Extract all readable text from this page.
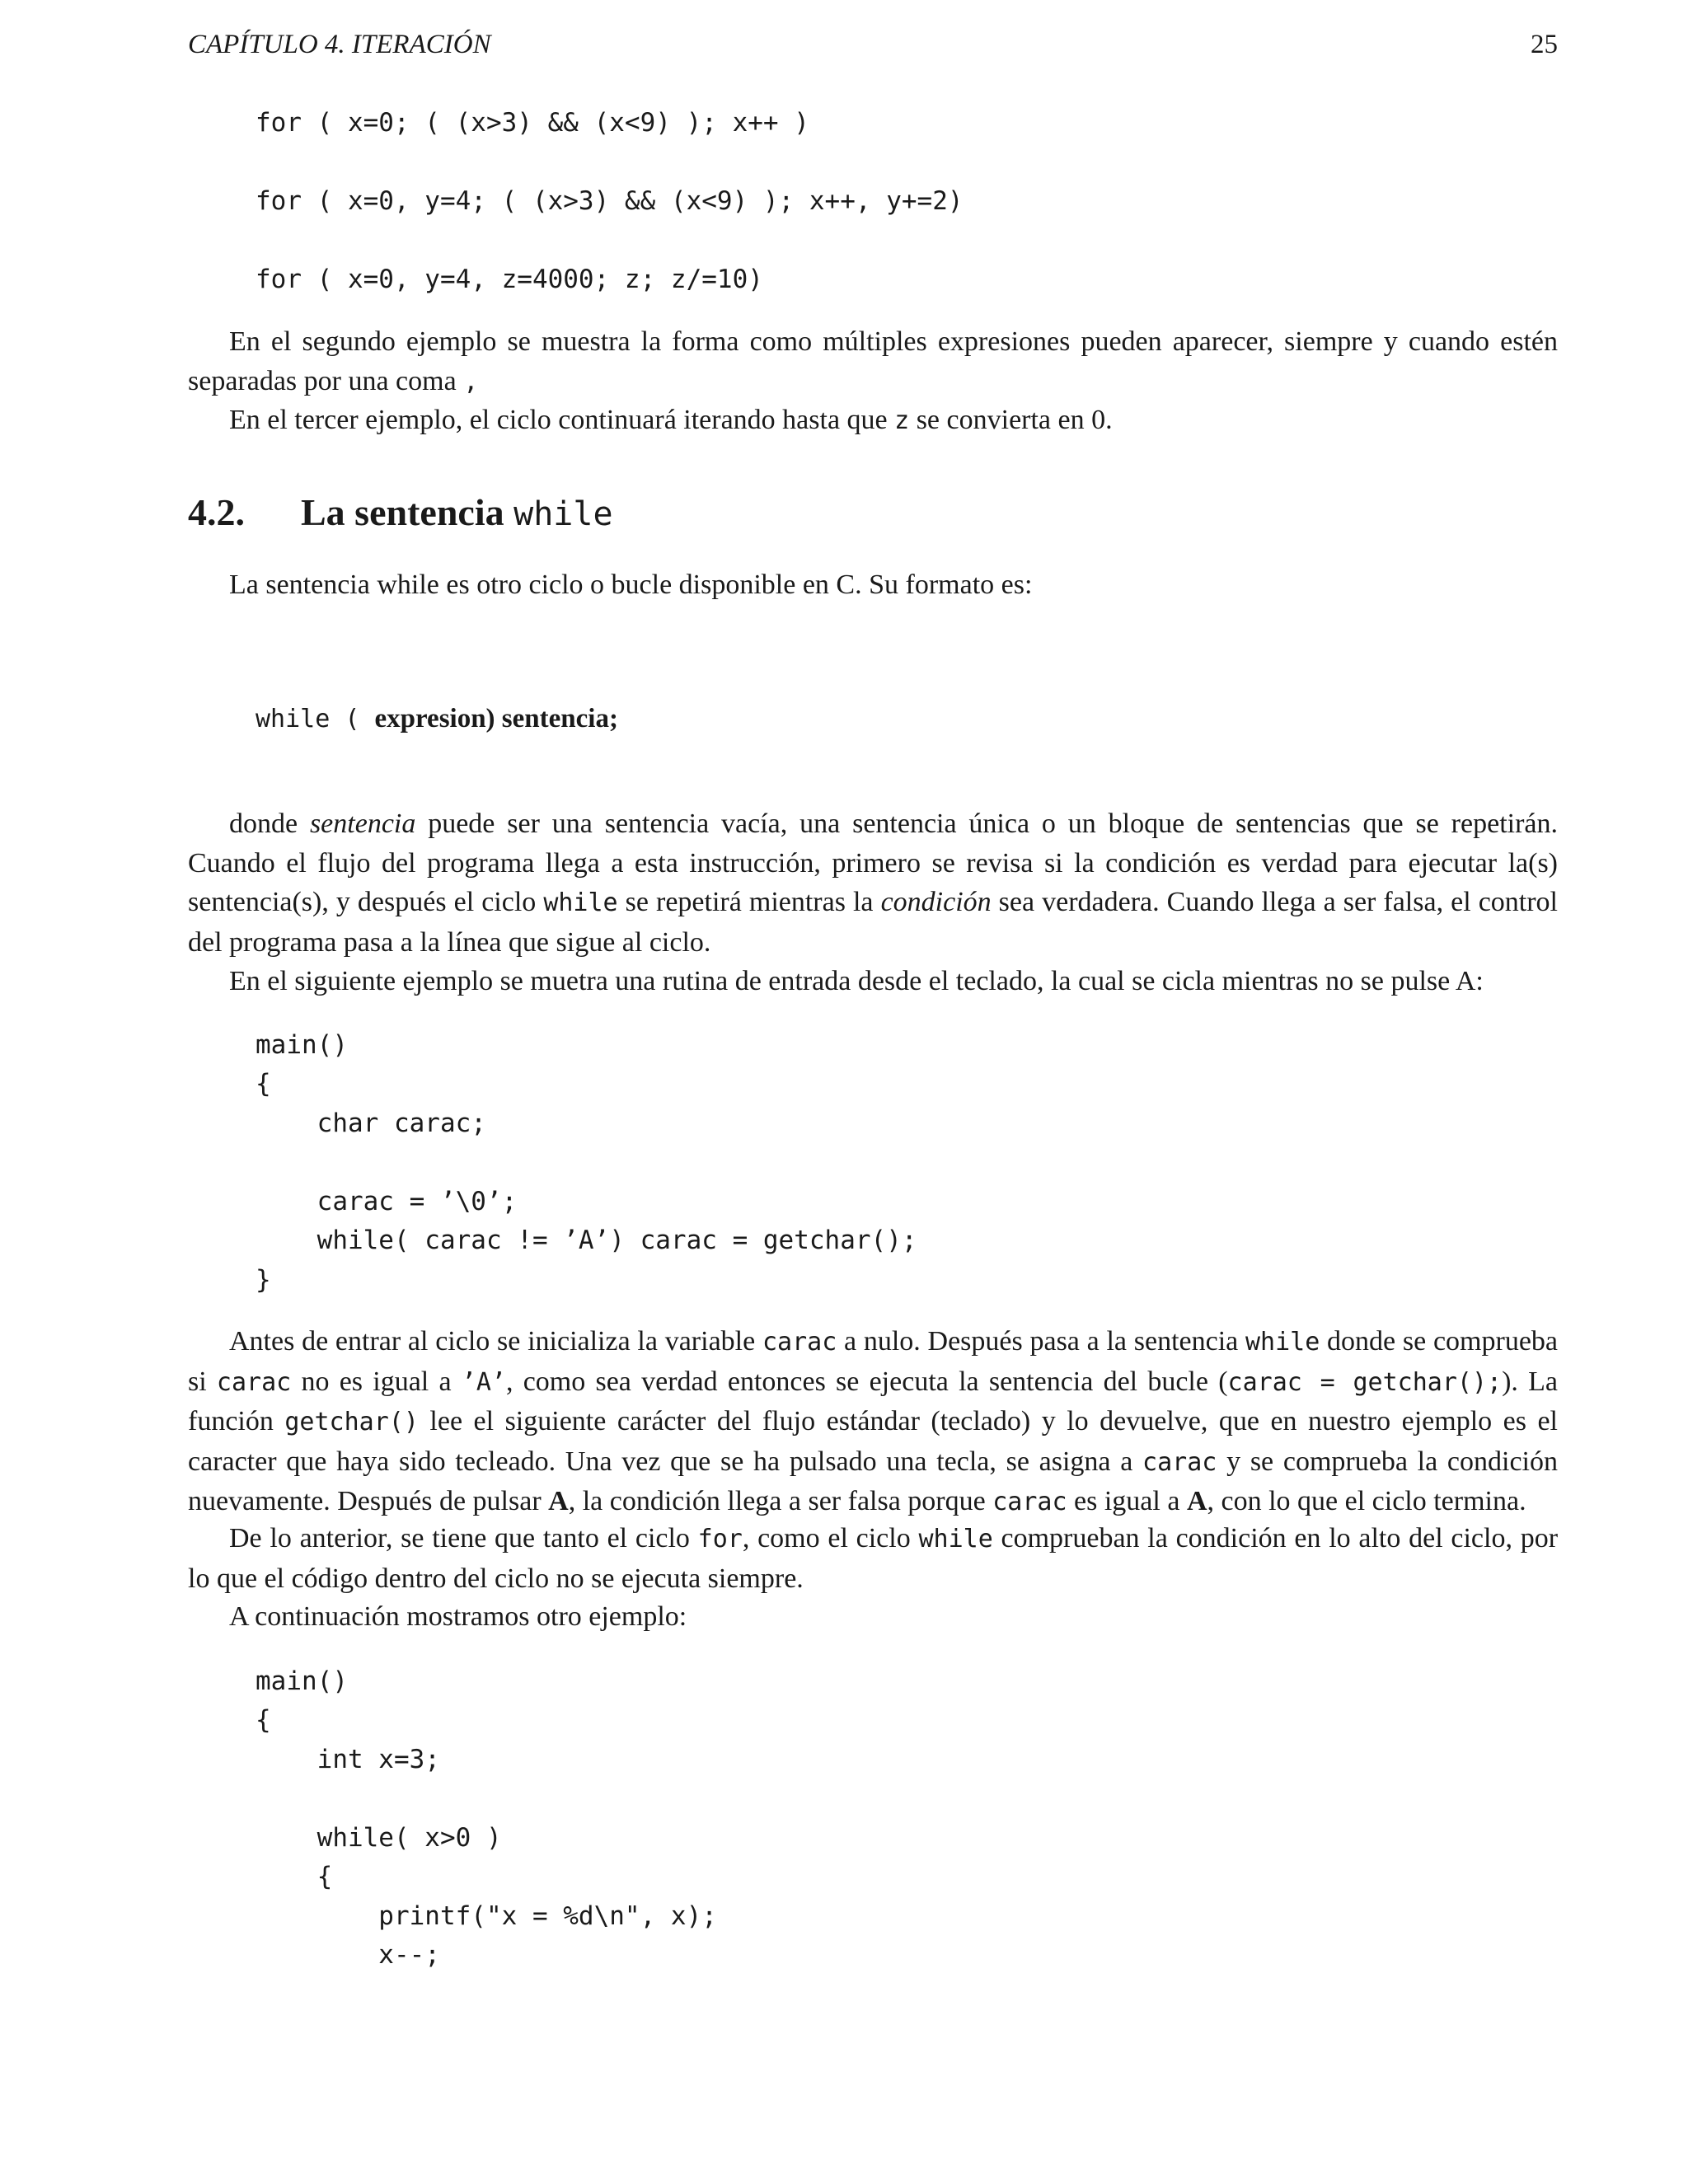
CAPÍTULO 4. ITERACIÓN	25
for ( x=0; ( (x>3) && (x<9) ); x++ )
for ( x=0, y=4; ( (x>3) && (x<9) ); x++, y+=2)
for ( x=0, y=4, z=4000; z; z/=10)
En el segundo ejemplo se muestra la forma como múltiples expresiones pueden aparecer, siempre y cuando estén separadas por una coma ,
En el tercer ejemplo, el ciclo continuará iterando hasta que z se convierta en 0.
4.2. La sentencia while
La sentencia while es otro ciclo o bucle disponible en C. Su formato es:
while ( expresion) sentencia;
donde sentencia puede ser una sentencia vacía, una sentencia única o un bloque de sentencias que se repetirán. Cuando el flujo del programa llega a esta instrucción, primero se revisa si la condición es verdad para ejecutar la(s) sentencia(s), y después el ciclo while se repetirá mientras la condición sea verdadera. Cuando llega a ser falsa, el control del programa pasa a la línea que sigue al ciclo.
En el siguiente ejemplo se muetra una rutina de entrada desde el teclado, la cual se cicla mientras no se pulse A:
main()
{
char carac;
carac = ’\0’;
while( carac != ’A’) carac = getchar();
}
Antes de entrar al ciclo se inicializa la variable carac a nulo. Después pasa a la sentencia while donde se comprueba si carac no es igual a ’A’, como sea verdad entonces se ejecuta la sentencia del bucle (carac = getchar();). La función getchar() lee el siguiente carácter del flujo estándar (teclado) y lo devuelve, que en nuestro ejemplo es el caracter que haya sido tecleado. Una vez que se ha pulsado una tecla, se asigna a carac y se comprueba la condición nuevamente. Después de pulsar A, la condición llega a ser falsa porque carac es igual a A, con lo que el ciclo termina.
De lo anterior, se tiene que tanto el ciclo for, como el ciclo while comprueban la condición en lo alto del ciclo, por lo que el código dentro del ciclo no se ejecuta siempre.
A continuación mostramos otro ejemplo:
main()
{
int x=3;
while( x>0 )
{
printf("x = %d\n", x);
x--;
